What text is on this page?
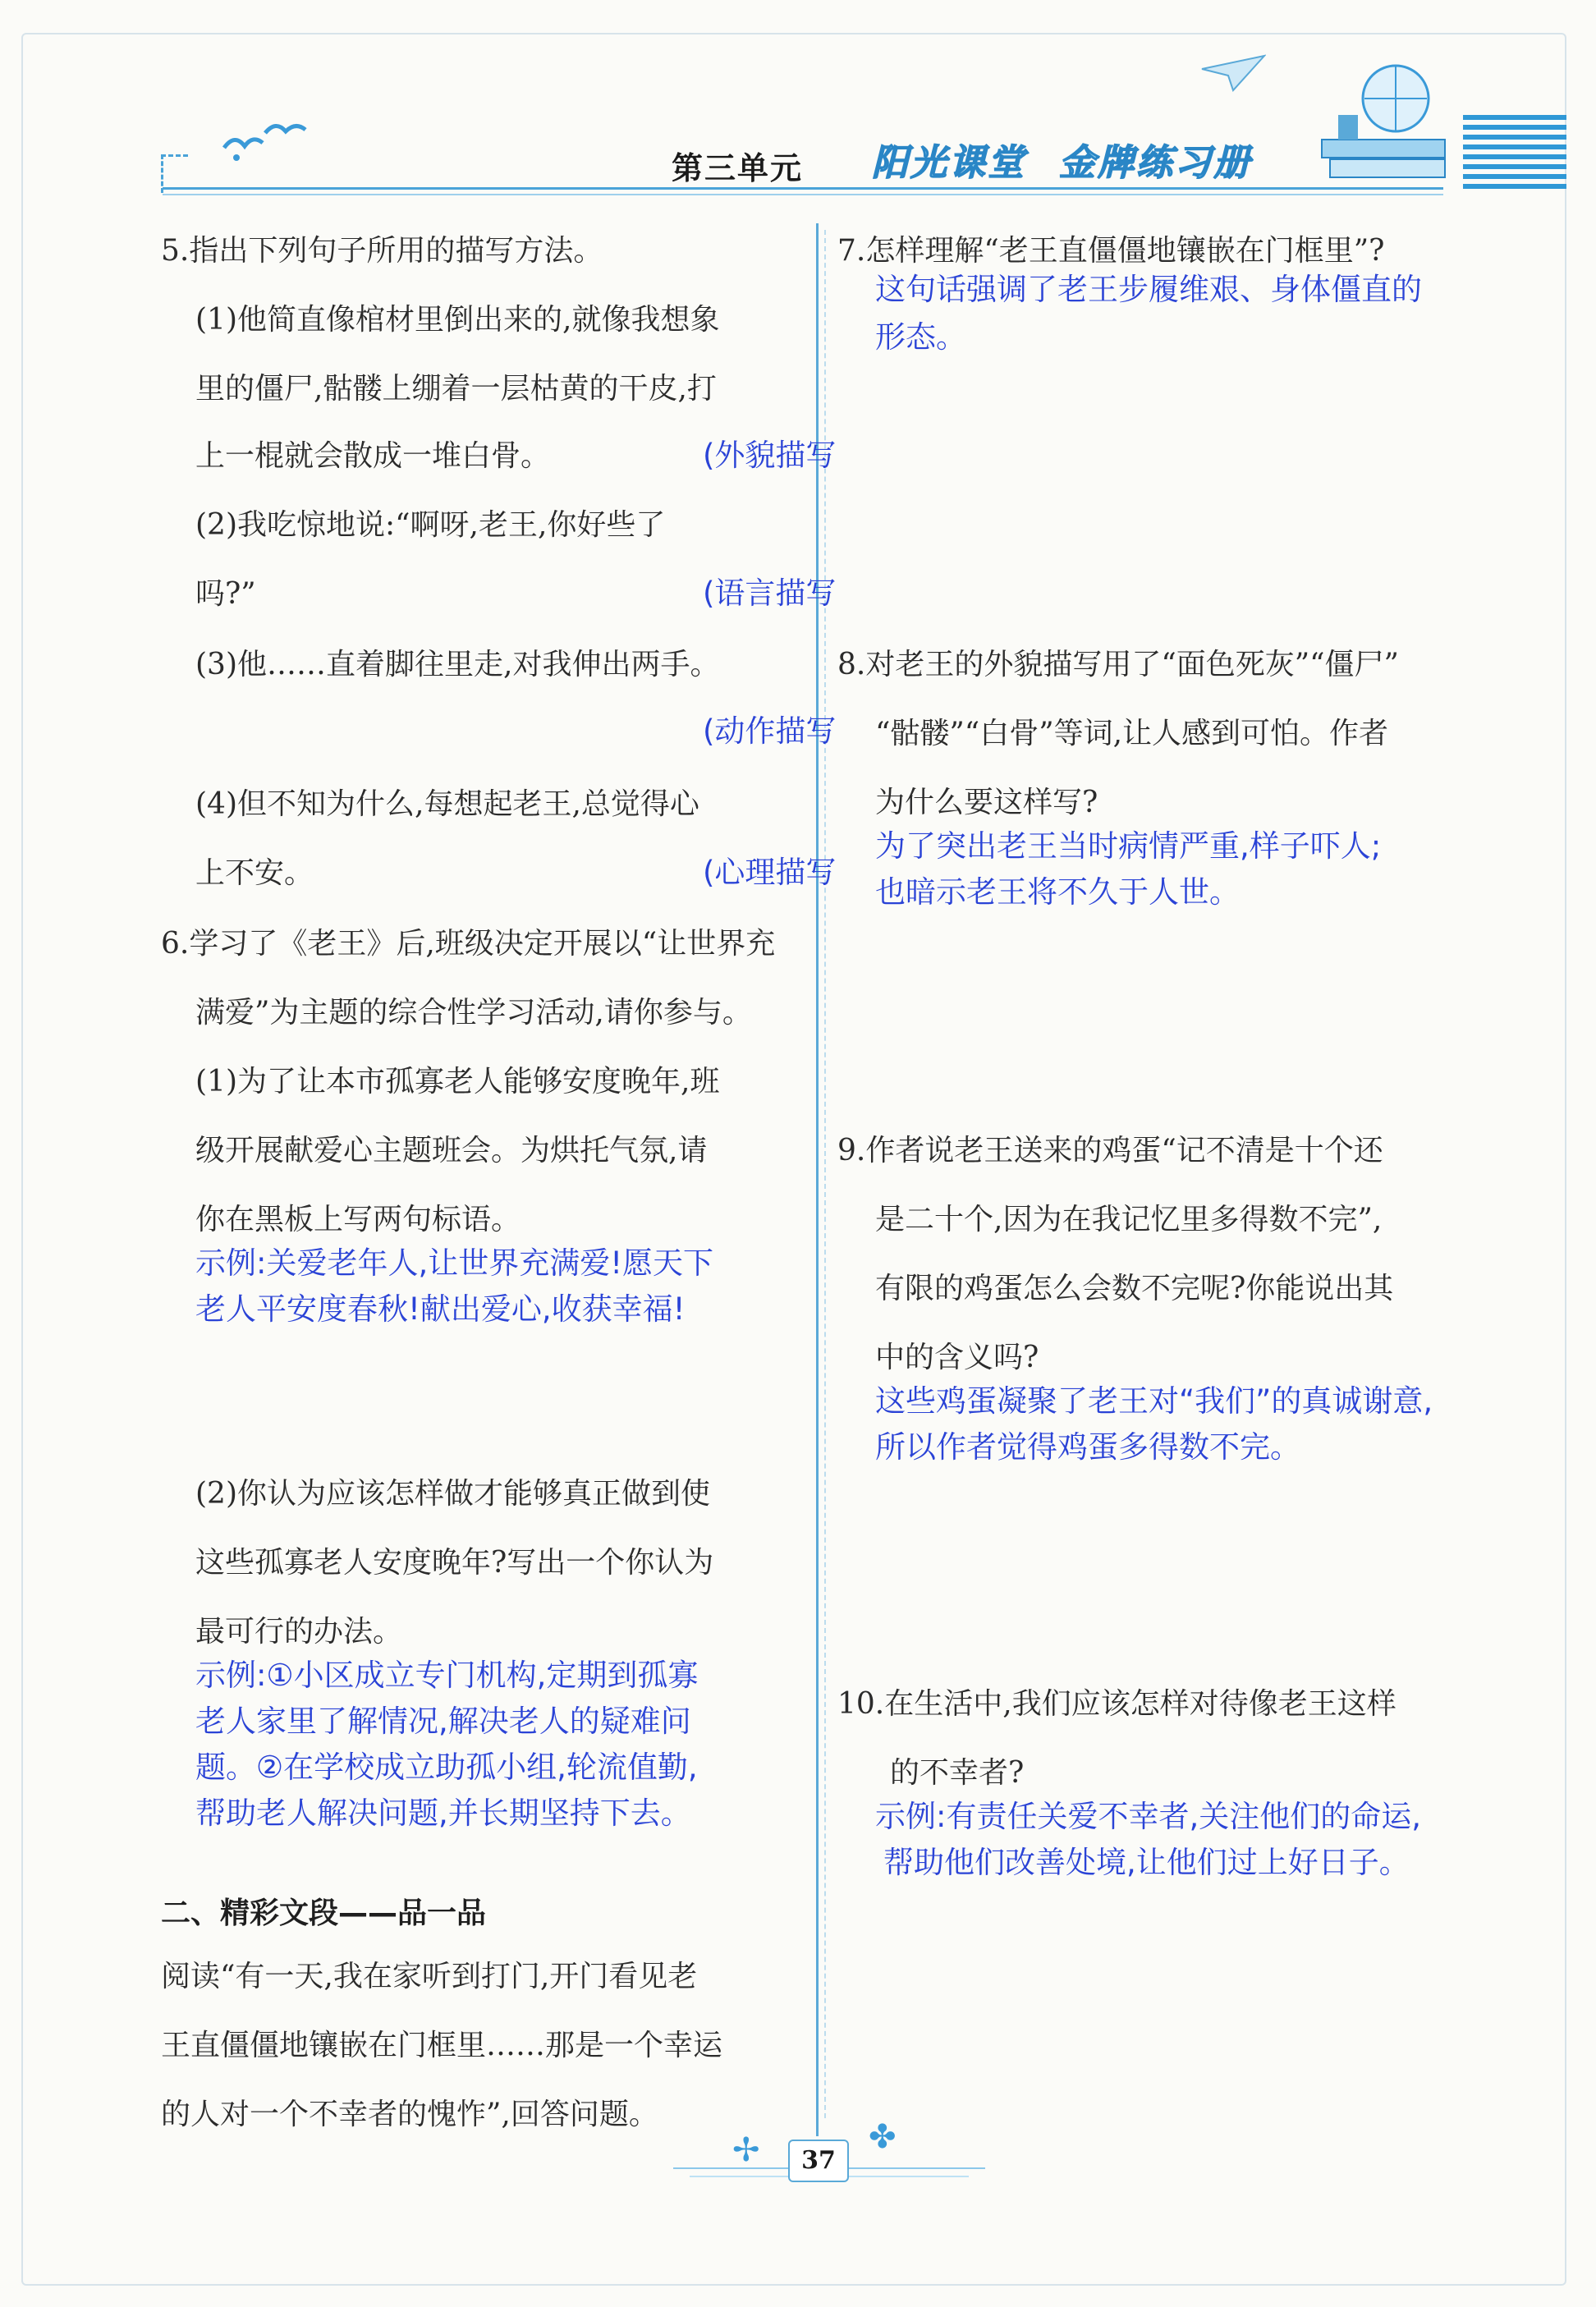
第三单元 阳光课堂 金牌练习册
5.指出下列句子所用的描写方法。
(1)他简直像棺材里倒出来的,就像我想象
里的僵尸,骷髅上绷着一层枯黄的干皮,打
上一棍就会散成一堆白骨。	(外貌描写
(2)我吃惊地说:“啊呀,老王,你好些了
吗?”	(语言描写
(3)他……直着脚往里走,对我伸出两手。
(动作描写
(4)但不知为什么,每想起老王,总觉得心
上不安。	(心理描写
6.学习了《老王》后,班级决定开展以“让世界充
满爱”为主题的综合性学习活动,请你参与。
(1)为了让本市孤寡老人能够安度晚年,班
级开展献爱心主题班会。为烘托气氛,请
你在黑板上写两句标语。
示例:关爱老年人,让世界充满爱!愿天下
老人平安度春秋!献出爱心,收获幸福!
(2)你认为应该怎样做才能够真正做到使
这些孤寡老人安度晚年?写出一个你认为
最可行的办法。
示例:①小区成立专门机构,定期到孤寡
老人家里了解情况,解决老人的疑难问
题。②在学校成立助孤小组,轮流值勤,
帮助老人解决问题,并长期坚持下去。
二、精彩文段——品一品
阅读“有一天,我在家听到打门,开门看见老
王直僵僵地镶嵌在门框里……那是一个幸运
的人对一个不幸者的愧怍”,回答问题。
7.怎样理解“老王直僵僵地镶嵌在门框里”?
这句话强调了老王步履维艰、身体僵直的
形态。
8.对老王的外貌描写用了“面色死灰”“僵尸”
“骷髅”“白骨”等词,让人感到可怕。作者
为什么要这样写?
为了突出老王当时病情严重,样子吓人;
也暗示老王将不久于人世。
9.作者说老王送来的鸡蛋“记不清是十个还
是二十个,因为在我记忆里多得数不完”,
有限的鸡蛋怎么会数不完呢?你能说出其
中的含义吗?
这些鸡蛋凝聚了老王对“我们”的真诚谢意,
所以作者觉得鸡蛋多得数不完。
10.在生活中,我们应该怎样对待像老王这样
的不幸者?
示例:有责任关爱不幸者,关注他们的命运,
帮助他们改善处境,让他们过上好日子。
✢	✤
37
